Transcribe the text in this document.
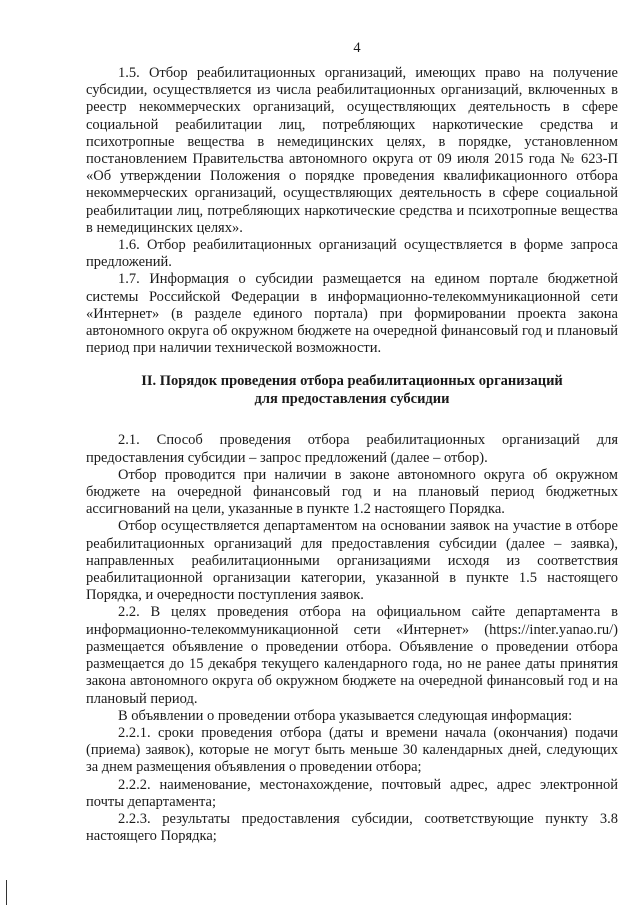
4

1.5. Отбор реабилитационных организаций, имеющих право на получение субсидии, осуществляется из числа реабилитационных организаций, включенных в реестр некоммерческих организаций, осуществляющих деятельность в сфере социальной реабилитации лиц, потребляющих наркотические средства и психотропные вещества в немедицинских целях, в порядке, установленном постановлением Правительства автономного округа от 09 июля 2015 года № 623-П «Об утверждении Положения о порядке проведения квалификационного отбора некоммерческих организаций, осуществляющих деятельность в сфере социальной реабилитации лиц, потребляющих наркотические средства и психотропные вещества в немедицинских целях».

1.6. Отбор реабилитационных организаций осуществляется в форме запроса предложений.

1.7. Информация о субсидии размещается на едином портале бюджетной системы Российской Федерации в информационно-телекоммуникационной сети «Интернет» (в разделе единого портала) при формировании проекта закона автономного округа об окружном бюджете на очередной финансовый год и плановый период при наличии технической возможности.

II. Порядок проведения отбора реабилитационных организаций
для предоставления субсидии

2.1. Способ проведения отбора реабилитационных организаций для предоставления субсидии – запрос предложений (далее – отбор).

Отбор проводится при наличии в законе автономного округа об окружном бюджете на очередной финансовый год и на плановый период бюджетных ассигнований на цели, указанные в пункте 1.2 настоящего Порядка.

Отбор осуществляется департаментом на основании заявок на участие в отборе реабилитационных организаций для предоставления субсидии (далее – заявка), направленных реабилитационными организациями исходя из соответствия реабилитационной организации категории, указанной в пункте 1.5 настоящего Порядка, и очередности поступления заявок.

2.2. В целях проведения отбора на официальном сайте департамента в информационно-телекоммуникационной сети «Интернет» (https://inter.yanao.ru/) размещается объявление о проведении отбора. Объявление о проведении отбора размещается до 15 декабря текущего календарного года, но не ранее даты принятия закона автономного округа об окружном бюджете на очередной финансовый год и на плановый период.

В объявлении о проведении отбора указывается следующая информация:

2.2.1. сроки проведения отбора (даты и времени начала (окончания) подачи (приема) заявок), которые не могут быть меньше 30 календарных дней, следующих за днем размещения объявления о проведении отбора;

2.2.2. наименование, местонахождение, почтовый адрес, адрес электронной почты департамента;

2.2.3. результаты предоставления субсидии, соответствующие пункту 3.8 настоящего Порядка;
